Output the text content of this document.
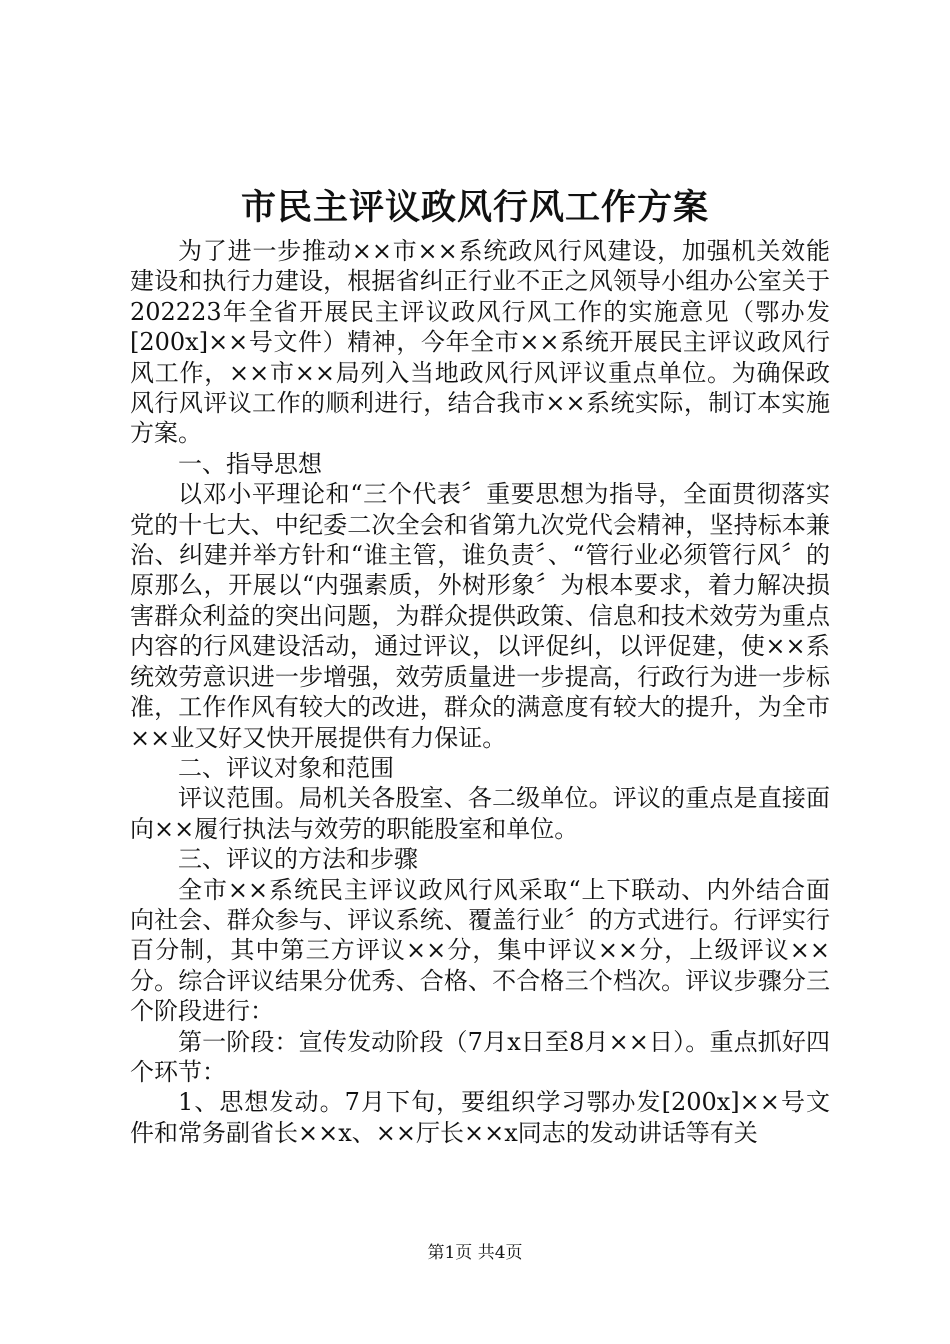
市民主评议政风行风工作方案

为了进一步推动××市××系统政风行风建设，加强机关效能建设和执行力建设，根据省纠正行业不正之风领导小组办公室关于202223年全省开展民主评议政风行风工作的实施意见（鄂办发[200x]××号文件）精神，今年全市××系统开展民主评议政风行风工作，××市××局列入当地政风行风评议重点单位。为确保政风行风评议工作的顺利进行，结合我市××系统实际，制订本实施方案。

一、指导思想

以邓小平理论和“三个代表〞重要思想为指导，全面贯彻落实党的十七大、中纪委二次全会和省第九次党代会精神，坚持标本兼治、纠建并举方针和“谁主管，谁负责〞、“管行业必须管行风〞的原那么，开展以“内强素质，外树形象〞为根本要求，着力解决损害群众利益的突出问题，为群众提供政策、信息和技术效劳为重点内容的行风建设活动，通过评议，以评促纠，以评促建，使××系统效劳意识进一步增强，效劳质量进一步提高，行政行为进一步标准，工作作风有较大的改进，群众的满意度有较大的提升，为全市××业又好又快开展提供有力保证。

二、评议对象和范围

评议范围。局机关各股室、各二级单位。评议的重点是直接面向××履行执法与效劳的职能股室和单位。

三、评议的方法和步骤

全市××系统民主评议政风行风采取“上下联动、内外结合面向社会、群众参与、评议系统、覆盖行业〞的方式进行。行评实行百分制，其中第三方评议××分，集中评议××分，上级评议××分。综合评议结果分优秀、合格、不合格三个档次。评议步骤分三个阶段进行：

第一阶段：宣传发动阶段（7月x日至8月××日）。重点抓好四个环节：

1、思想发动。7月下旬，要组织学习鄂办发[200x]××号文件和常务副省长××x、××厅长××x同志的发动讲话等有关

第1页 共4页
